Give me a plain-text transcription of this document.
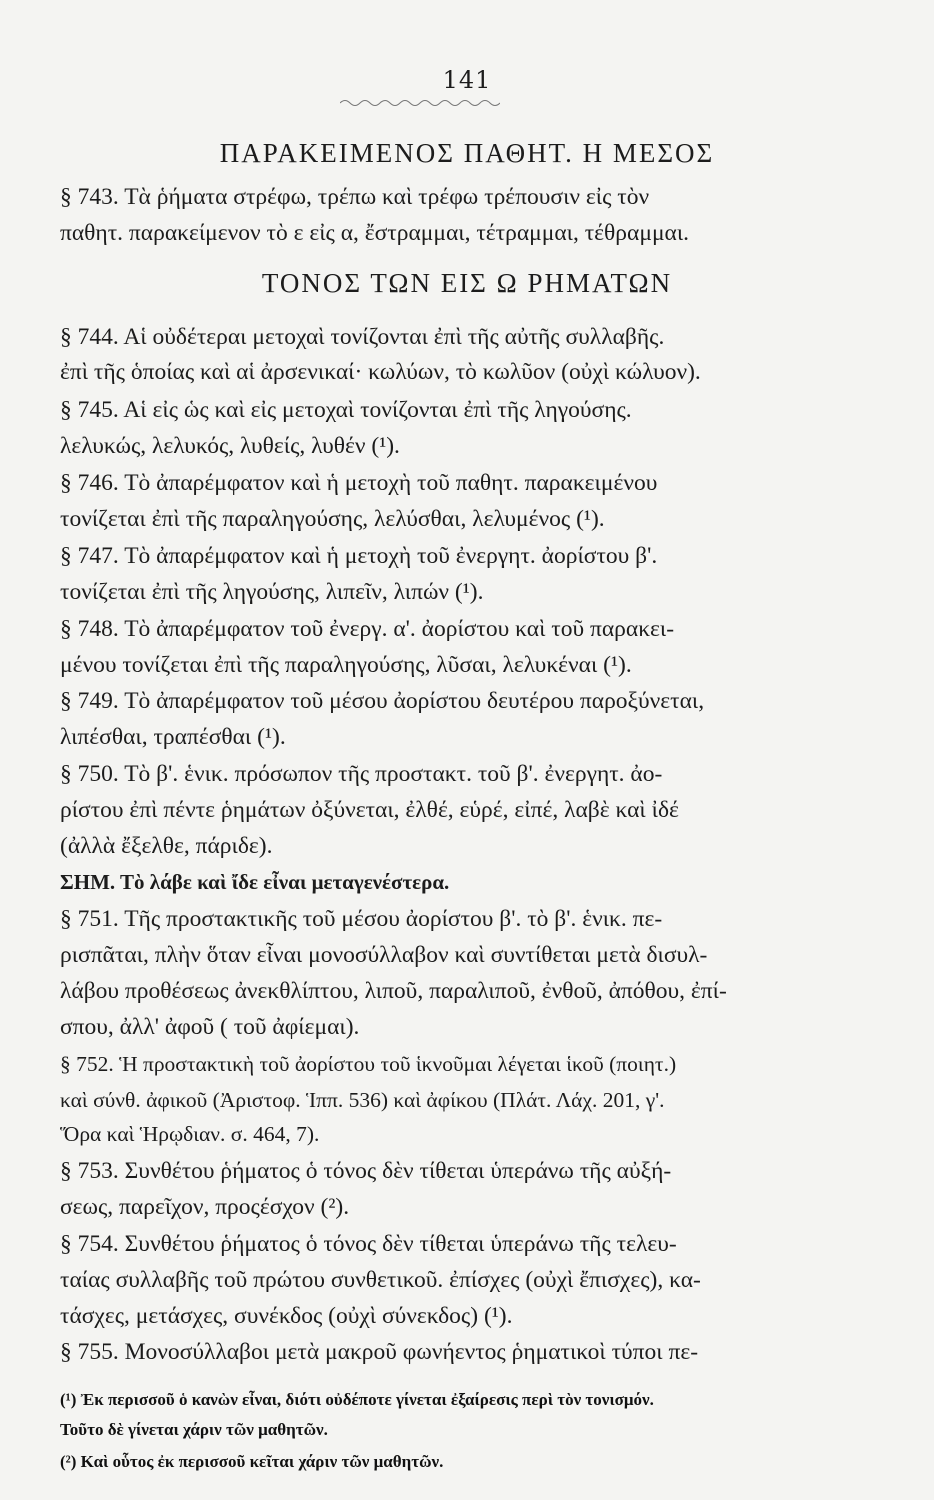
141
ΠΑΡΑΚΕΙΜΕΝΟΣ ΠΑΘΗΤ. Η ΜΕΣΟΣ
§ 743. Τὰ ῥήματα στρέφω, τρέπω καὶ τρέφω τρέπουσιν εἰς τὸν
παθητ. παρακείμενον τὸ ε εἰς α, ἔστραμμαι, τέτραμμαι, τέθραμμαι.
ΤΟΝΟΣ ΤΩΝ ΕΙΣ Ω ΡΗΜΑΤΩΝ
§ 744. Αἱ οὐδέτεραι μετοχαὶ τονίζονται ἐπὶ τῆς αὐτῆς συλλαβῆς.
ἐπὶ τῆς ὁποίας καὶ αἱ ἀρσενικαί· κωλύων, τὸ κωλῦον (οὐχὶ κώλυον).
§ 745. Αἱ εἰς ὡς καὶ εἰς μετοχαὶ τονίζονται ἐπὶ τῆς ληγούσης.
λελυκώς, λελυκός, λυθείς, λυθέν (¹).
§ 746. Τὸ ἀπαρέμφατον καὶ ἡ μετοχὴ τοῦ παθητ. παρακειμένου
τονίζεται ἐπὶ τῆς παραληγούσης, λελύσθαι, λελυμένος (¹).
§ 747. Τὸ ἀπαρέμφατον καὶ ἡ μετοχὴ τοῦ ἐνεργητ. ἀορίστου β'.
τονίζεται ἐπὶ τῆς ληγούσης, λιπεῖν, λιπών (¹).
§ 748. Τὸ ἀπαρέμφατον τοῦ ἐνεργ. α'. ἀορίστου καὶ τοῦ παρακει-
μένου τονίζεται ἐπὶ τῆς παραληγούσης, λῦσαι, λελυκέναι (¹).
§ 749. Τὸ ἀπαρέμφατον τοῦ μέσου ἀορίστου δευτέρου παροξύνεται,
λιπέσθαι, τραπέσθαι (¹).
§ 750. Τὸ β'. ἑνικ. πρόσωπον τῆς προστακτ. τοῦ β'. ἐνεργητ. ἀο-
ρίστου ἐπὶ πέντε ῥημάτων ὀξύνεται, ἐλθέ, εὑρέ, εἰπέ, λαβὲ καὶ ἰδέ
(ἀλλὰ ἔξελθε, πάριδε).
ΣΗΜ. Τὸ λάβε καὶ ἴδε εἶναι μεταγενέστερα.
§ 751. Τῆς προστακτικῆς τοῦ μέσου ἀορίστου β'. τὸ β'. ἑνικ. πε-
ρισπᾶται, πλὴν ὅταν εἶναι μονοσύλλαβον καὶ συντίθεται μετὰ δισυλ-
λάβου προθέσεως ἀνεκθλίπτου, λιποῦ, παραλιποῦ, ἐνθοῦ, ἀπόθου, ἐπί-
σπου, ἀλλ' ἀφοῦ ( τοῦ ἀφίεμαι).
§ 752. Ἡ προστακτικὴ τοῦ ἀορίστου τοῦ ἱκνοῦμαι λέγεται ἱκοῦ (ποιητ.)
καὶ σύνθ. ἀφικοῦ (Ἀριστοφ. Ἱππ. 536) καὶ ἀφίκου (Πλάτ. Λάχ. 201, γ'.
Ὅρα καὶ Ἡρῳδιαν. σ. 464, 7).
§ 753. Συνθέτου ῥήματος ὁ τόνος δὲν τίθεται ὑπεράνω τῆς αὐξή-
σεως, παρεῖχον, προςέσχον (²).
§ 754. Συνθέτου ῥήματος ὁ τόνος δὲν τίθεται ὑπεράνω τῆς τελευ-
ταίας συλλαβῆς τοῦ πρώτου συνθετικοῦ. ἐπίσχες (οὐχὶ ἔπισχες), κα-
τάσχες, μετάσχες, συνέκδος (οὐχὶ σύνεκδος) (¹).
§ 755. Μονοσύλλαβοι μετὰ μακροῦ φωνήεντος ῥηματικοὶ τύποι πε-
(¹) Ἐκ περισσοῦ ὁ κανὼν εἶναι, διότι οὐδέποτε γίνεται ἐξαίρεσις περὶ τὸν τονισμόν.
Τοῦτο δὲ γίνεται χάριν τῶν μαθητῶν.
(²) Καὶ οὗτος ἐκ περισσοῦ κεῖται χάριν τῶν μαθητῶν.
